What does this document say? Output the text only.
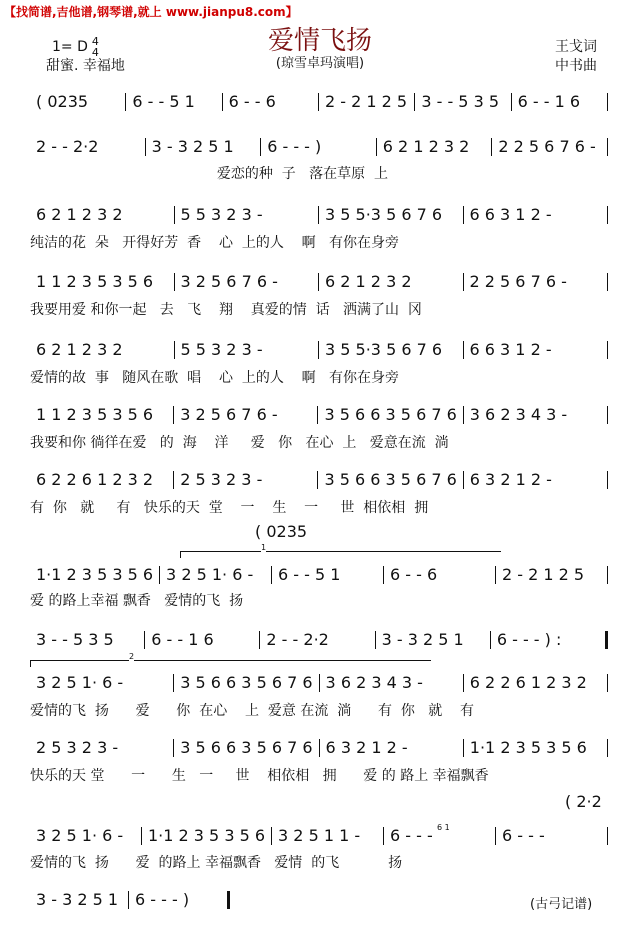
【找简谱,吉他谱,钢琴谱,就上 www.jianpu8.com】
爱情飞扬
(琼雪卓玛演唱)
1= D 4
4
甜蜜. 幸福地
王戈词
中书曲
( 0235	6 - - 5 1	6 - - 6	2 - 2 1 2 5 3 - - 5 3 5	6 - - 1 6
2 - - 2·2	3 - 3 2 5 1	6 - - - )	6 2 1 2 3 2	2 2 5 6 7 6 -
爱恋的种  子   落在草原  上
6 2 1 2 3 2	5 5 3 2 3 -	3 5 5·3 5 6 7 6	6 6 3 1 2 -
纯洁的花  朵   开得好芳  香    心  上的人    啊   有你在身旁
1 1 2 3 5 3 5 6	3 2 5 6 7 6 -	6 2 1 2 3 2	2 2 5 6 7 6 -
我要用爱 和你一起   去   飞    翔    真爱的情  话   洒满了山  冈
6 2 1 2 3 2	5 5 3 2 3 -	3 5 5·3 5 6 7 6	6 6 3 1 2 -
爱情的故  事   随风在歌  唱    心  上的人    啊   有你在身旁
1 1 2 3 5 3 5 6	3 2 5 6 7 6 -	3 5 6 6 3 5 6 7 6 3 6 2 3 4 3 -
我要和你 徜徉在爱   的  海    洋     爱   你   在心  上   爱意在流  淌
6 2 2 6 1 2 3 2	2 5 3 2 3 -	3 5 6 6 3 5 6 7 6 6 3 2 1 2 -
有  你   就     有   快乐的天  堂    一    生    一     世  相依相  拥
1·1 2 3 5 3 5 6 3 2 5 1· 6 -	6 - - 5 1	6 - - 6	2 - 2 1 2 5
爱 的路上幸福 飘香   爱情的飞  扬
3 - - 5 3 5	6 - - 1 6	2 - - 2·2	3 - 3 2 5 1	6 - - - ) :
3 2 5 1· 6 -	3 5 6 6 3 5 6 7 6 3 6 2 3 4 3 -	6 2 2 6 1 2 3 2
爱情的飞  扬      爱      你  在心    上  爱意 在流  淌      有  你   就    有
2 5 3 2 3 -	3 5 6 6 3 5 6 7 6 6 3 2 1 2 -	1·1 2 3 5 3 5 6
快乐的天 堂      一      生   一     世    相依相   拥      爱 的 路上 幸福飘香
3 2 5 1· 6 -	1·1 2 3 5 3 5 6 3 2 5 1 1 -	6 - - -	6 - - -
爱情的飞  扬      爱  的路上 幸福飘香   爱情  的飞           扬
3 - 3 2 5 1	6 - - - )
( 0235
1
2
( 2·2
6 1
(古弓记谱)
